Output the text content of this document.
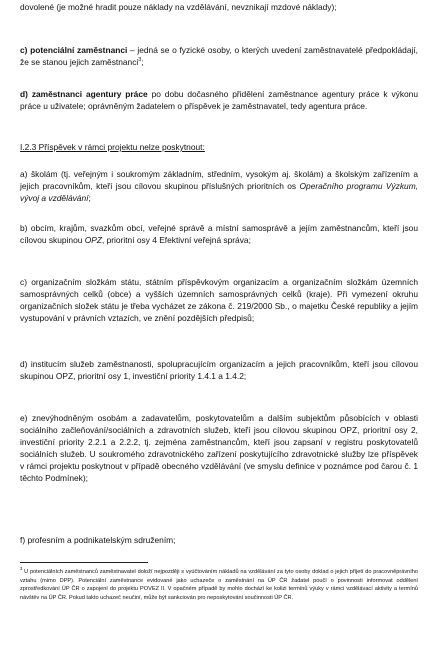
dovolené (je možné hradit pouze náklady na vzdělávání, nevznikají mzdové náklady);

c) potenciální zaměstnanci – jedná se o fyzické osoby, o kterých uvedení zaměstnavatelé předpokládají, že se stanou jejich zaměstnanci$^3$;

d) zaměstnanci agentury práce po dobu dočasného přidělení zaměstnance agentury práce k výkonu práce u uživatele; oprávněným žadatelem o příspěvek je zaměstnavatel, tedy agentura práce.

I.2.3 Příspěvek v rámci projektu nelze poskytnout:

a) školám (tj. veřejným i soukromým základním, středním, vysokým aj. školám) a školským zařízením a jejich pracovníkům, kteří jsou cílovou skupinou příslušných prioritních os Operačního programu Výzkum, vývoj a vzdělávání;

b) obcím, krajům, svazkům obcí, veřejné správě a místní samosprávě a jejím zaměstnancům, kteří jsou cílovou skupinou OPZ, prioritní osy 4 Efektivní veřejná správa;

c) organizačním složkám státu, státním příspěvkovým organizacím a organizačním složkám územních samosprávných celků (obce) a vyšších územních samosprávných celků (kraje). Při vymezení okruhu organizačních složek státu je třeba vycházet ze zákona č. 219/2000 Sb., o majetku České republiky a jejím vystupování v právních vztazích, ve znění pozdějších předpisů;

d) institucím služeb zaměstnanosti, spolupracujícím organizacím a jejich pracovníkům, kteří jsou cílovou skupinou OPZ, prioritní osy 1, investiční priority 1.4.1 a 1.4.2;

e) znevýhodněným osobám a zadavatelům, poskytovatelům a dalším subjektům působících v oblasti sociálního začleňování/sociálních a zdravotních služeb, kteří jsou cílovou skupinou OPZ, prioritní osy 2, investiční priority 2.2.1 a 2.2.2, tj. zejména zaměstnancům, kteří jsou zapsaní v registru poskytovatelů sociálních služeb. U soukromého zdravotnického zařízení poskytujícího zdravotnické služby lze příspěvek v rámci projektu poskytnout v případě obecného vzdělávání (ve smyslu definice v poznámce pod čarou č. 1 těchto Podmínek);

f) profesním a podnikatelským sdružením;

$^3$ U potenciálních zaměstnanců zaměstnavatel doloží nejpozději s vyúčtováním nákladů na vzdělávání za tyto osoby doklad o jejich přijetí do pracovněprávního vztahu (mimo DPP). Potenciální zaměstnance evidované jako uchazeče o zaměstnání na ÚP ČR žadatel poučí o povinnosti informovat oddělení zprostředkování ÚP ČR o zapojení do projektu POVEZ II. V opačném případě by mohlo dochází ke kolizi termínů výuky v rámci vzdělávací aktivity a termínů návštěv na ÚP ČR. Pokud takto uchazeč neučiní, může být sankciován pro neposkytování součinnosti ÚP ČR.
